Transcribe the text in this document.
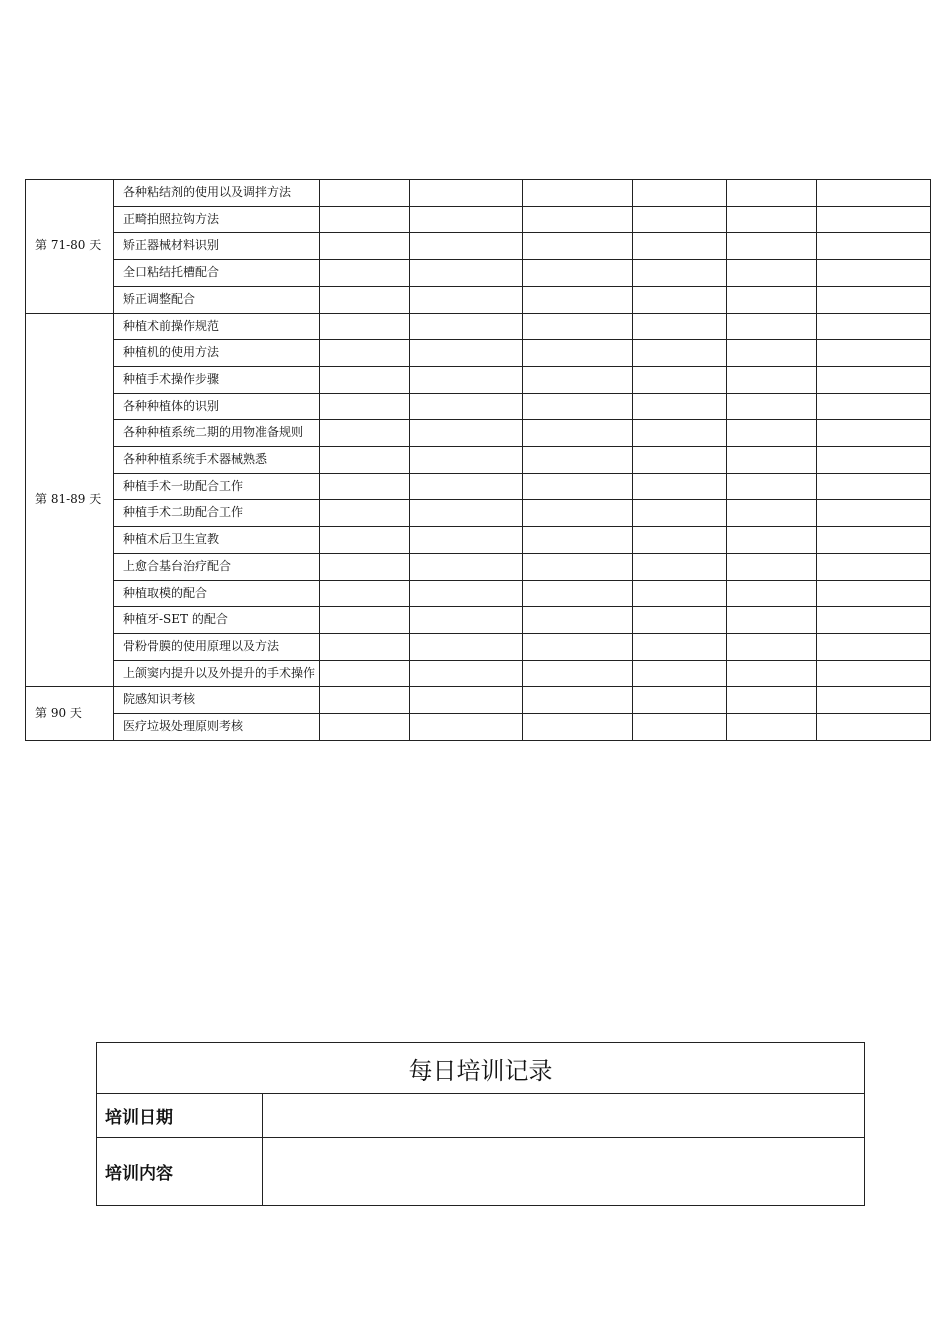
第 71-80 天	各种粘结剂的使用以及调拌方法						
	正畸拍照拉钩方法						
	矫正器械材料识别						
	全口粘结托槽配合						
	矫正调整配合						
第 81-89 天	种植术前操作规范						
	种植机的使用方法						
	种植手术操作步骤						
	各种种植体的识别						
	各种种植系统二期的用物准备规则						
	各种种植系统手术器械熟悉						
	种植手术一助配合工作						
	种植手术二助配合工作						
	种植术后卫生宣教						
	上愈合基台治疗配合						
	种植取模的配合						
	种植牙-SET 的配合						
	骨粉骨膜的使用原理以及方法						
	上颌窦内提升以及外提升的手术操作						
第 90 天	院感知识考核						
	医疗垃圾处理原则考核						
每日培训记录	
培训日期	
培训内容	
